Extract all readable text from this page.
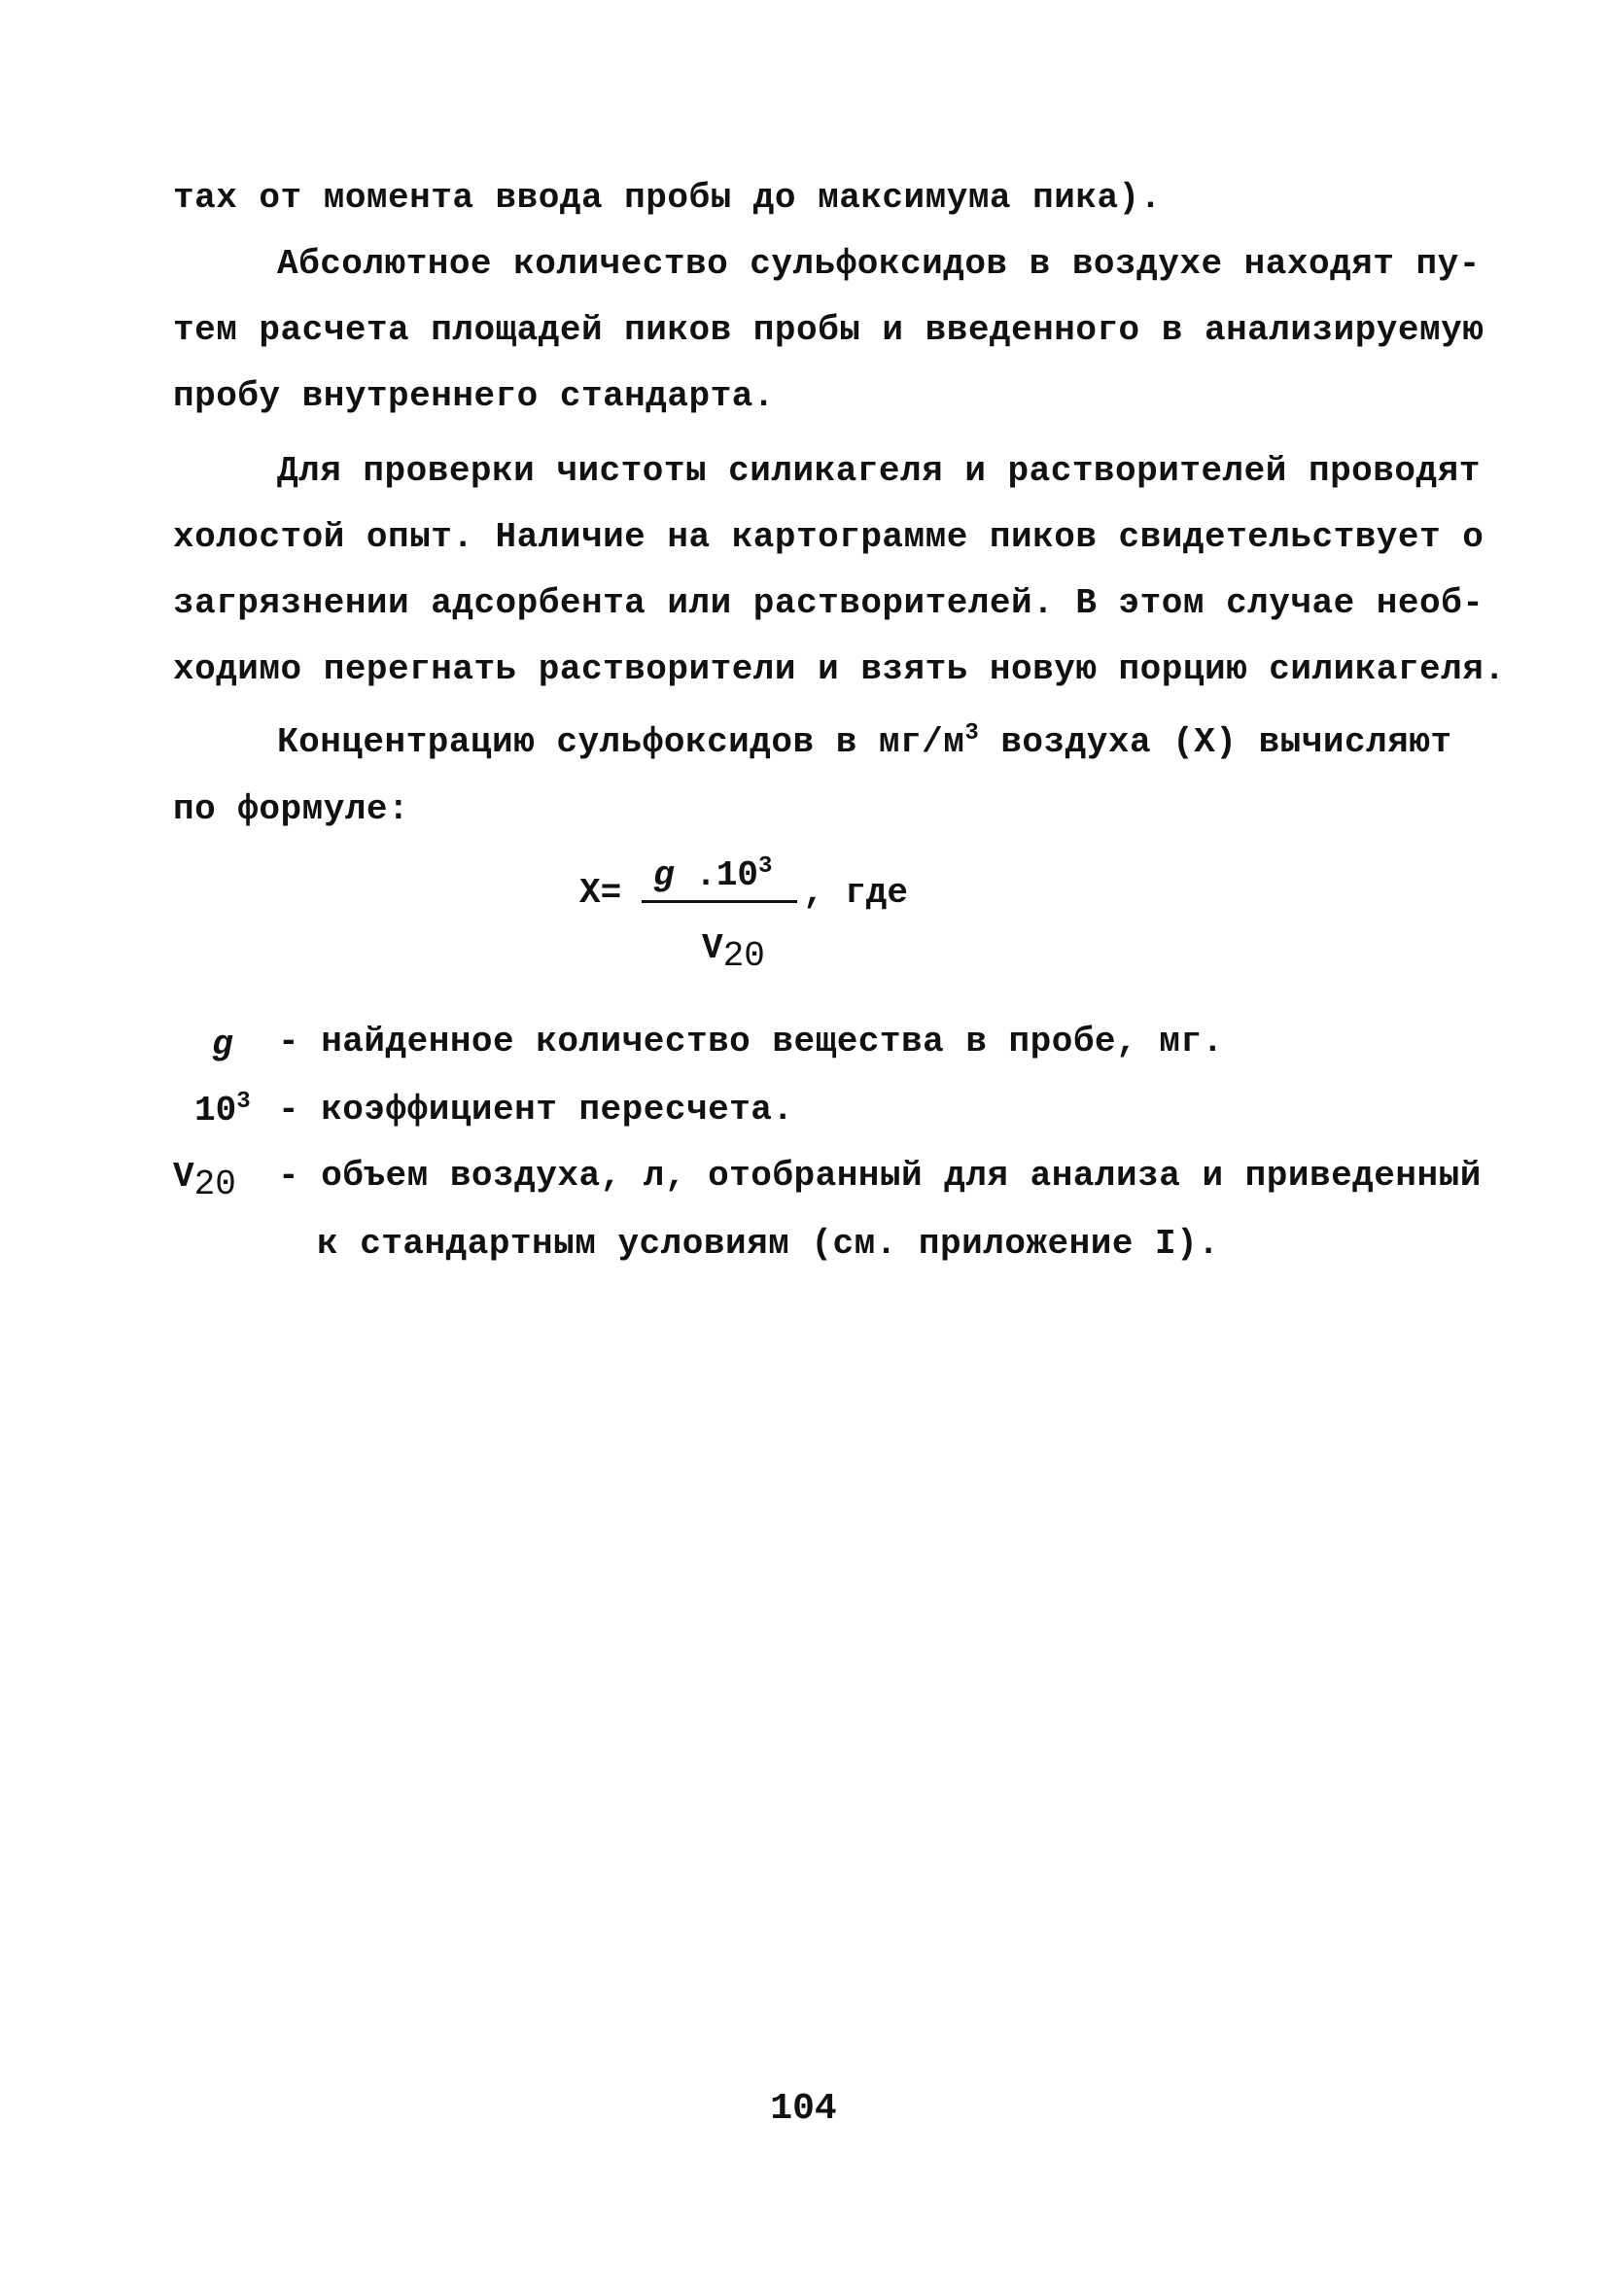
тах от момента ввода пробы до максимума пика).
Абсолютное количество сульфоксидов в воздухе находят пу-
тем расчета площадей пиков пробы и введенного в анализируемую
пробу внутреннего стандарта.
Для проверки чистоты силикагеля и растворителей проводят
холостой опыт. Наличие на картограмме пиков свидетельствует о
загрязнении адсорбента или растворителей. В этом случае необ-
ходимо перегнать растворители и взять новую порцию силикагеля.
Концентрацию сульфоксидов в $мг/м^3$ воздуха (X) вычисляют
по формуле:
X= g $.10^3$
V20
, где
g - найденное количество вещества в пробе, мг.
$10^3$ - коэффициент пересчета.
V20 - объем воздуха, л, отобранный для анализа и приведенный
к стандартным условиям (см. приложение I).
104
